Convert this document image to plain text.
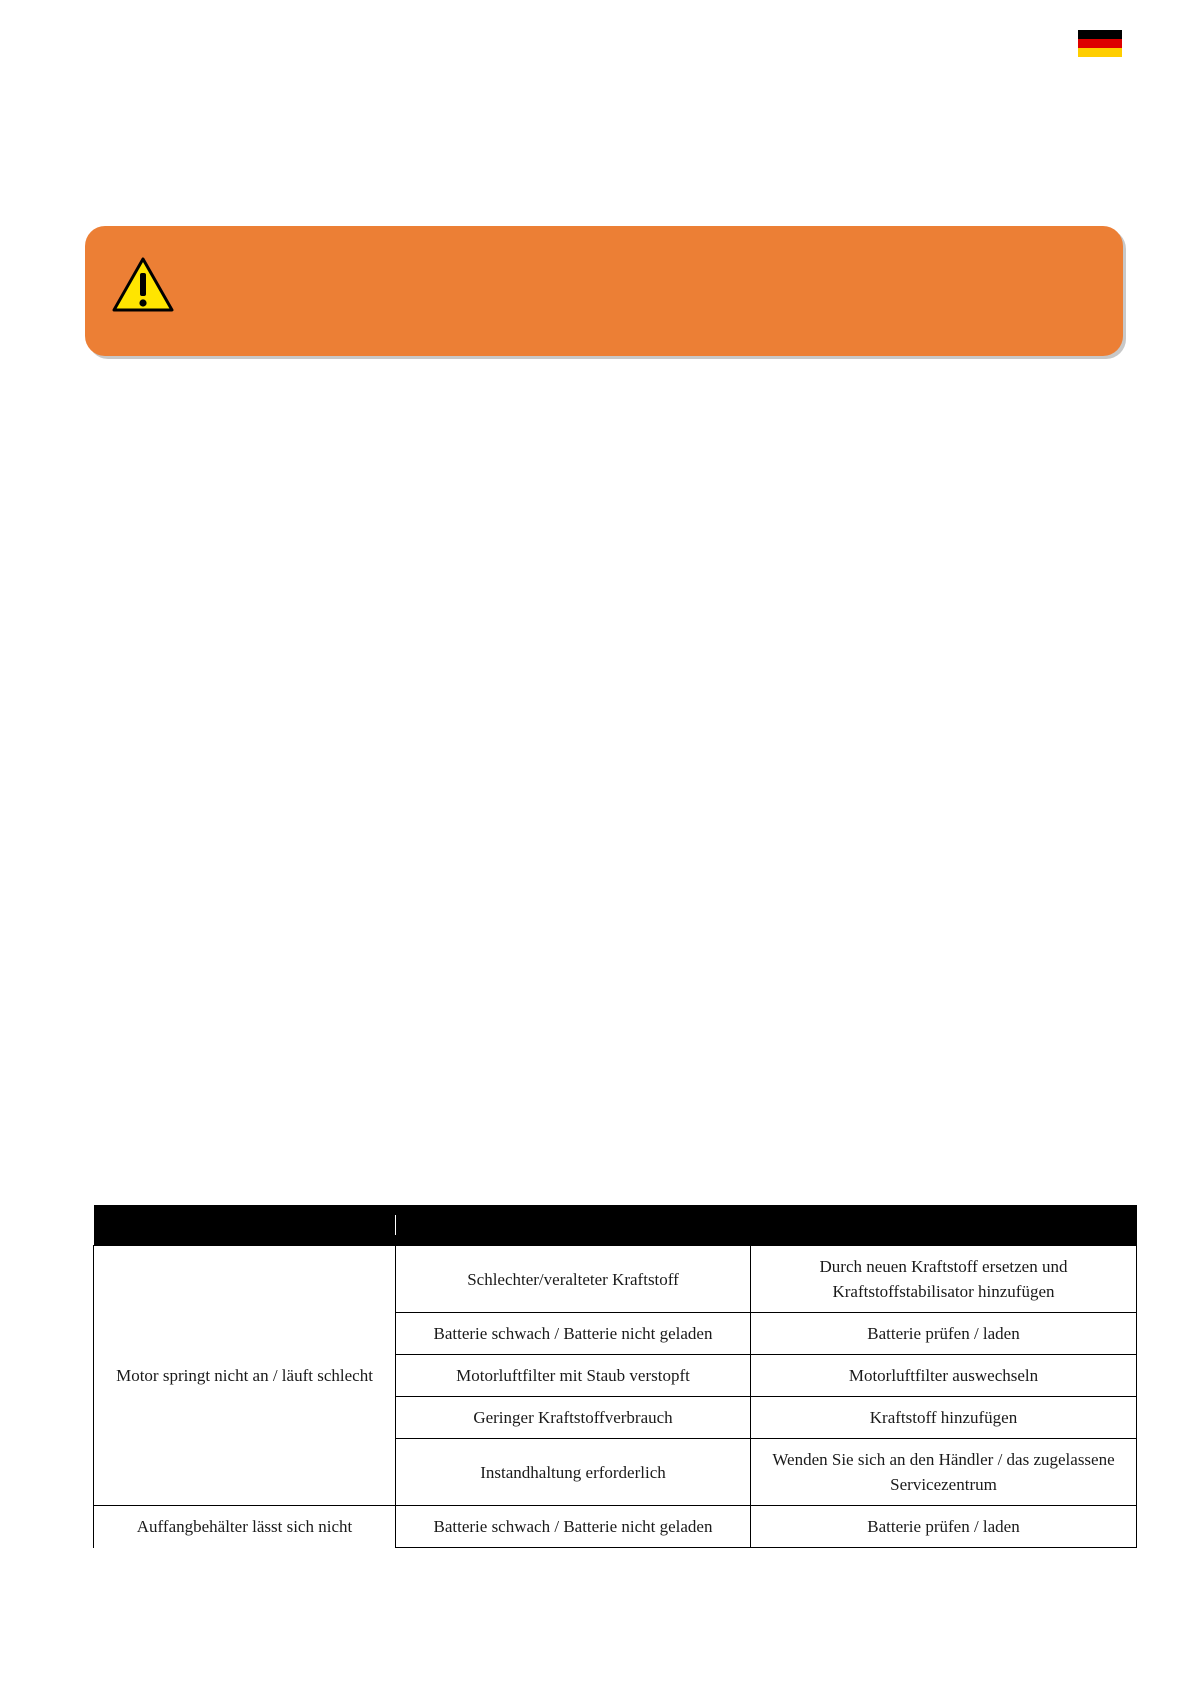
Motor springt nicht an / läuft schlecht	Schlechter/veralteter Kraftstoff	Durch neuen Kraftstoff ersetzen und Kraftstoffstabilisator hinzufügen
	Batterie schwach / Batterie nicht geladen	Batterie prüfen / laden
	Motorluftfilter mit Staub verstopft	Motorluftfilter auswechseln
	Geringer Kraftstoffverbrauch	Kraftstoff hinzufügen
	Instandhaltung erforderlich	Wenden Sie sich an den Händler / das zugelassene Servicezentrum
Auffangbehälter lässt sich nicht	Batterie schwach / Batterie nicht geladen	Batterie prüfen / laden
